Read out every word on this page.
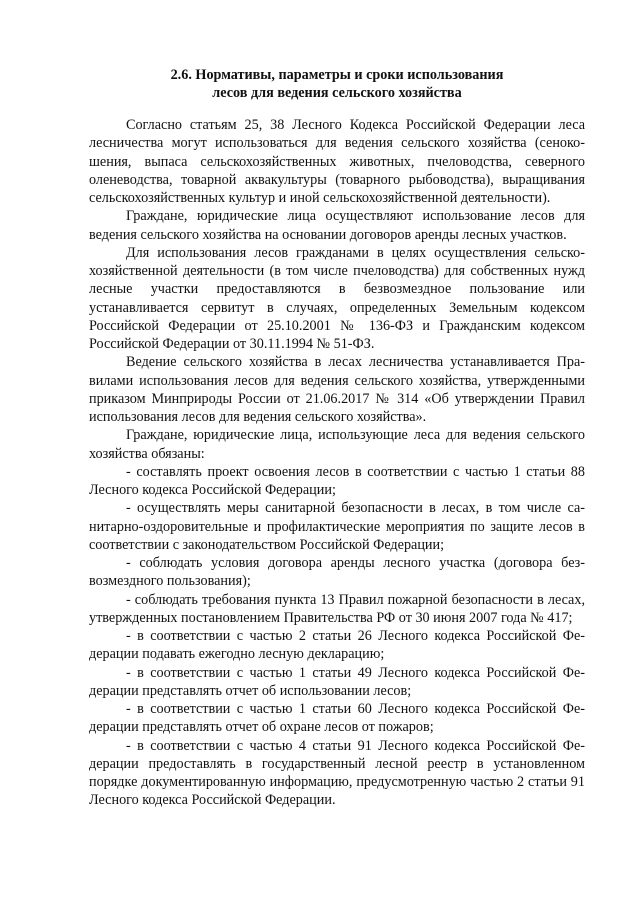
2.6. Нормативы, параметры и сроки использования
лесов для ведения сельского хозяйства

Согласно статьям 25, 38 Лесного Кодекса Российской Федерации леса лесничества могут использоваться для ведения сельского хозяйства (сенокошения, выпаса сельскохозяйственных животных, пчеловодства, северного оленеводства, товарной аквакультуры (товарного рыбоводства), выращивания сельскохозяйственных культур и иной сельскохозяйственной деятельности).

Граждане, юридические лица осуществляют использование лесов для ведения сельского хозяйства на основании договоров аренды лесных участков.

Для использования лесов гражданами в целях осуществления сельскохозяйственной деятельности (в том числе пчеловодства) для собственных нужд лесные участки предоставляются в безвозмездное пользование или устанавливается сервитут в случаях, определенных Земельным кодексом Российской Федерации от 25.10.2001 № 136-ФЗ и Гражданским кодексом Российской Федерации от 30.11.1994 № 51-ФЗ.

Ведение сельского хозяйства в лесах лесничества устанавливается Правилами использования лесов для ведения сельского хозяйства, утвержденными приказом Минприроды России от 21.06.2017 № 314 «Об утверждении Правил использования лесов для ведения сельского хозяйства».

Граждане, юридические лица, использующие леса для ведения сельского хозяйства обязаны:

- составлять проект освоения лесов в соответствии с частью 1 статьи 88 Лесного кодекса Российской Федерации;

- осуществлять меры санитарной безопасности в лесах, в том числе санитарно-оздоровительные и профилактические мероприятия по защите лесов в соответствии с законодательством Российской Федерации;

- соблюдать условия договора аренды лесного участка (договора безвозмездного пользования);

- соблюдать требования пункта 13 Правил пожарной безопасности в лесах, утвержденных постановлением Правительства РФ от 30 июня 2007 года № 417;

- в соответствии с частью 2 статьи 26 Лесного кодекса Российской Федерации подавать ежегодно лесную декларацию;

- в соответствии с частью 1 статьи 49 Лесного кодекса Российской Федерации представлять отчет об использовании лесов;

- в соответствии с частью 1 статьи 60 Лесного кодекса Российской Федерации представлять отчет об охране лесов от пожаров;

- в соответствии с частью 4 статьи 91 Лесного кодекса Российской Федерации предоставлять в государственный лесной реестр в установленном порядке документированную информацию, предусмотренную частью 2 статьи 91 Лесного кодекса Российской Федерации.
